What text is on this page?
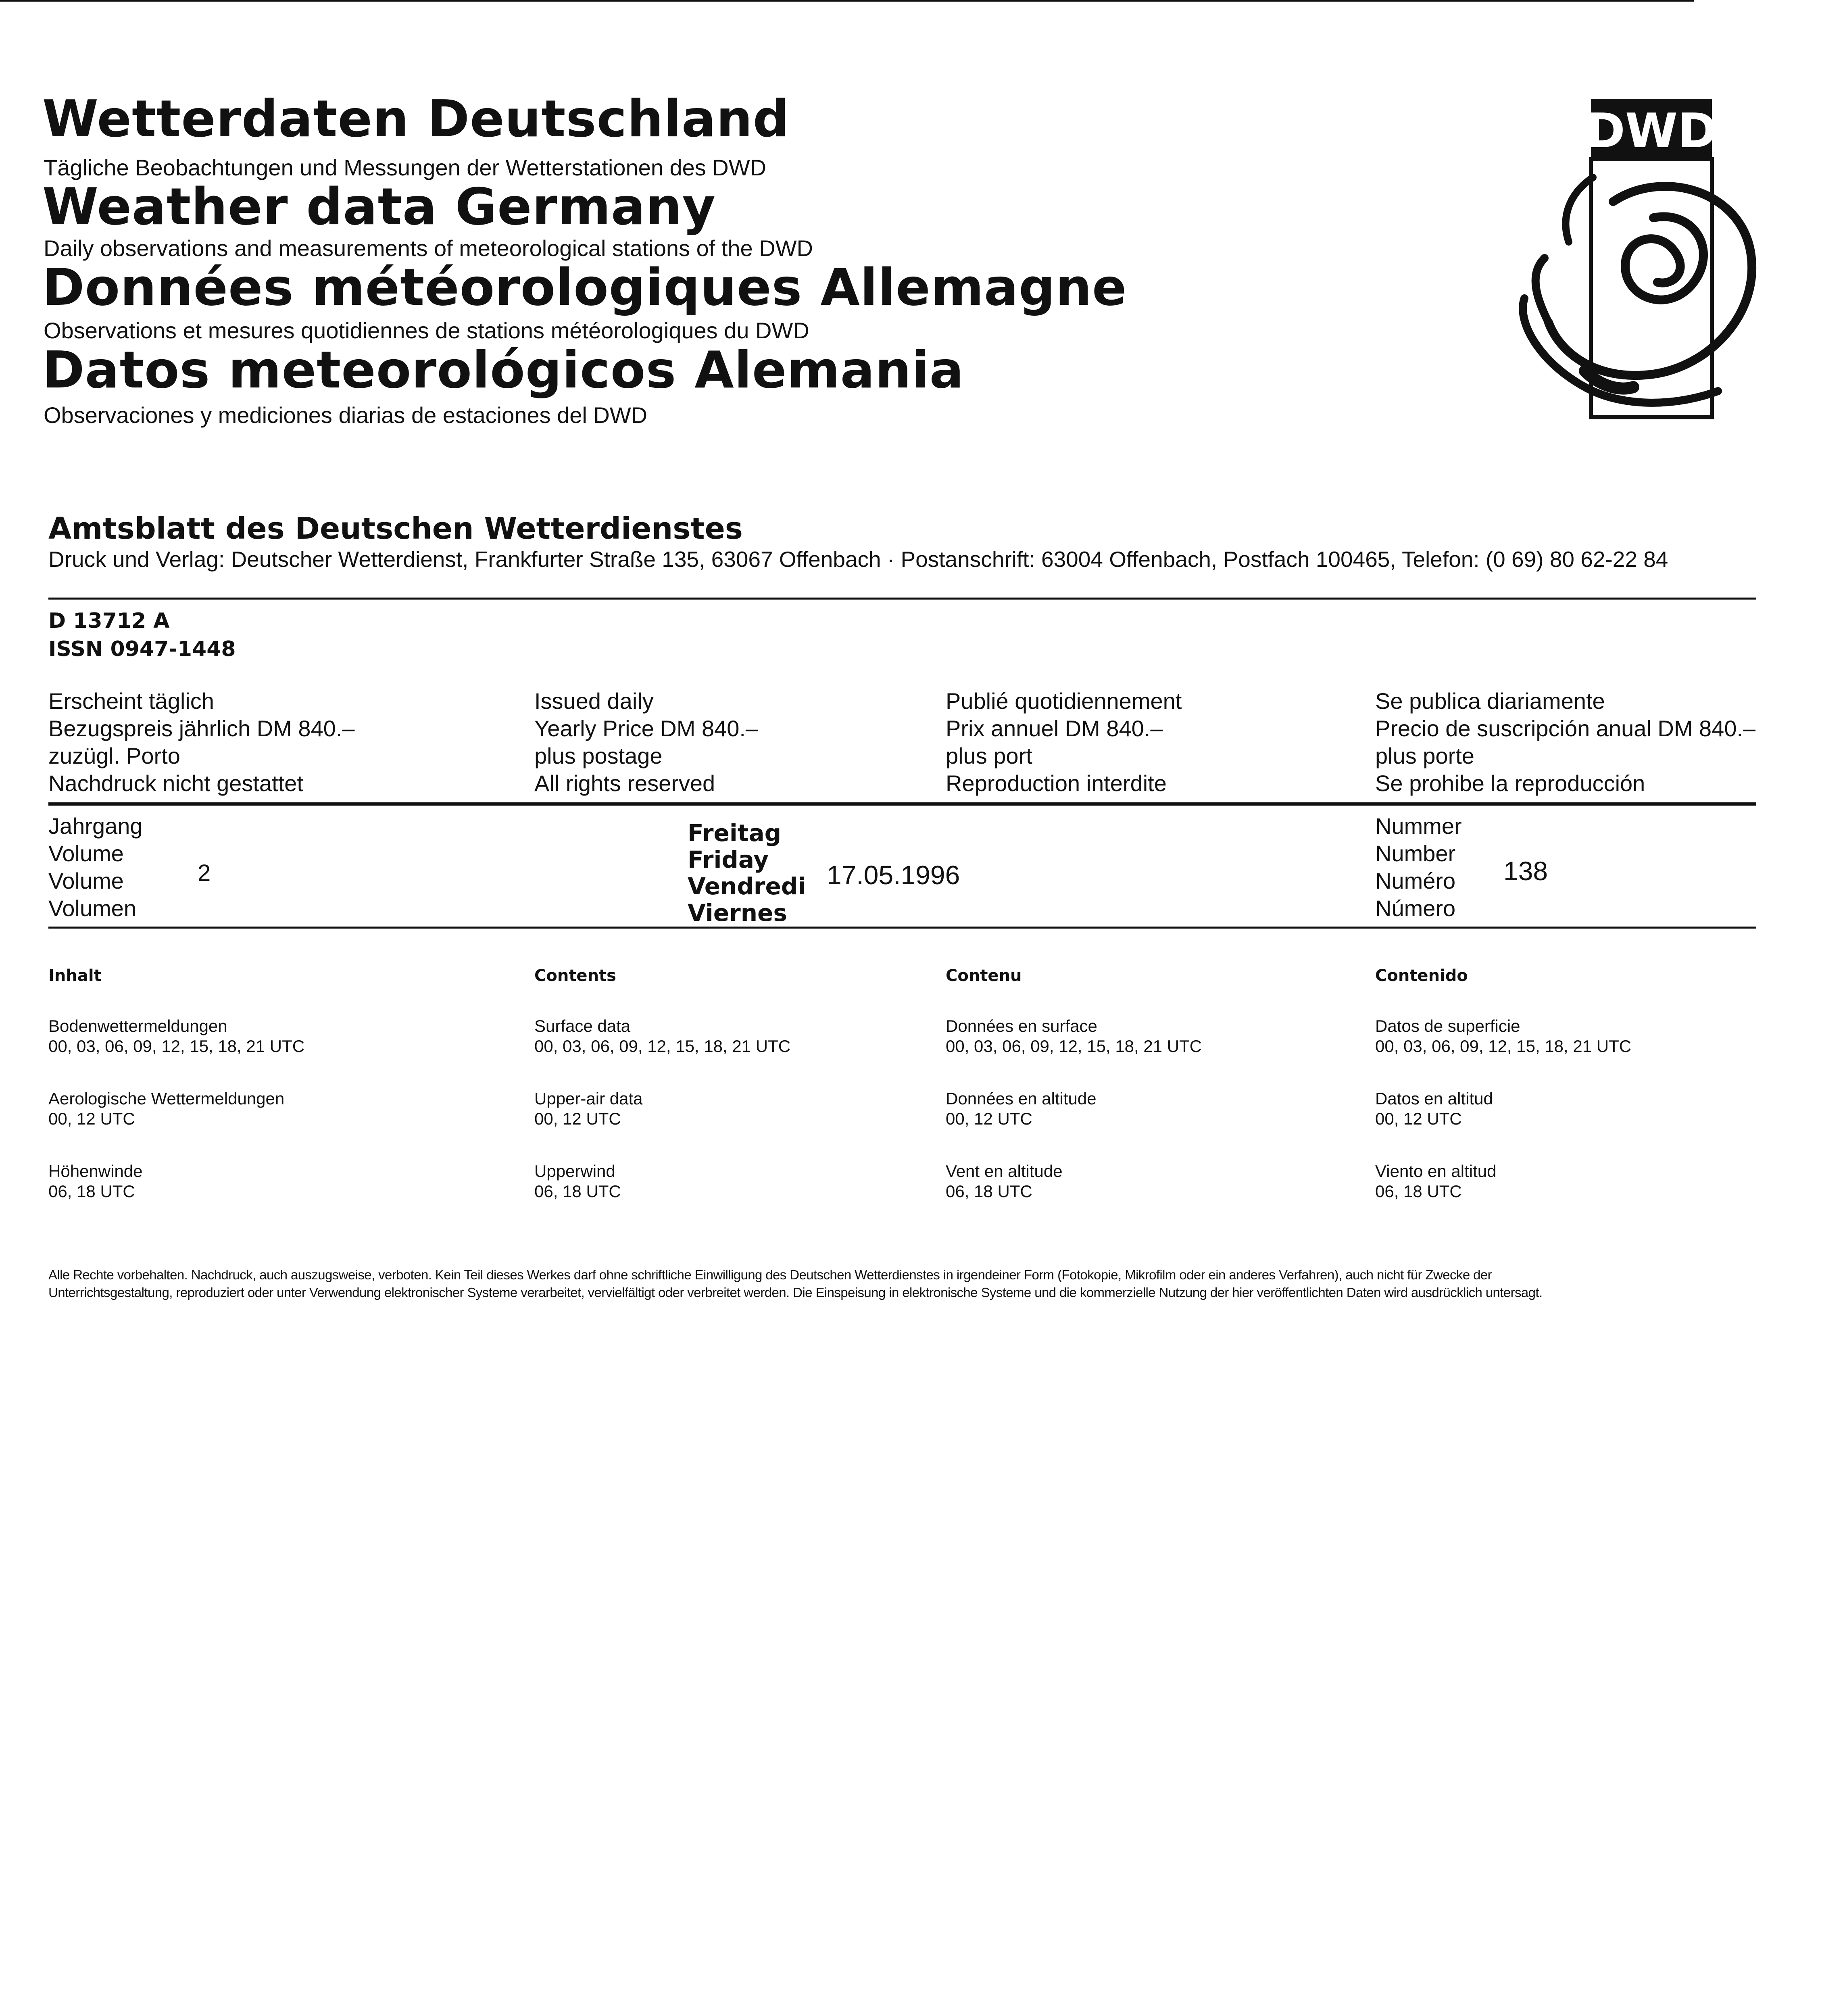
Wetterdaten Deutschland
Tägliche Beobachtungen und Messungen der Wetterstationen des DWD
Weather data Germany
Daily observations and measurements of meteorological stations of the DWD
Données météorologiques Allemagne
Observations et mesures quotidiennes de stations météorologiques du DWD
Datos meteorológicos Alemania
Observaciones y mediciones diarias de estaciones del DWD
DWD
Amtsblatt des Deutschen Wetterdienstes
Druck und Verlag: Deutscher Wetterdienst, Frankfurter Straße 135, 63067 Offenbach · Postanschrift: 63004 Offenbach, Postfach 100465, Telefon: (0 69) 80 62-22 84
D 13712 A
ISSN 0947-1448
Erscheint täglich
Bezugspreis jährlich DM 840.–
zuzügl. Porto
Nachdruck nicht gestattet
Issued daily
Yearly Price DM 840.–
plus postage
All rights reserved
Publié quotidiennement
Prix annuel DM 840.–
plus port
Reproduction interdite
Se publica diariamente
Precio de suscripción anual DM 840.–
plus porte
Se prohibe la reproducción
Jahrgang
Volume
Volume
Volumen
2
Freitag
Friday
Vendredi
Viernes
17.05.1996
Nummer
Number
Numéro
Número
138
Inhalt
Bodenwettermeldungen
00, 03, 06, 09, 12, 15, 18, 21 UTC
Aerologische Wettermeldungen
00, 12 UTC
Höhenwinde
06, 18 UTC
Contents
Surface data
00, 03, 06, 09, 12, 15, 18, 21 UTC
Upper-air data
00, 12 UTC
Upperwind
06, 18 UTC
Contenu
Données en surface
00, 03, 06, 09, 12, 15, 18, 21 UTC
Données en altitude
00, 12 UTC
Vent en altitude
06, 18 UTC
Contenido
Datos de superficie
00, 03, 06, 09, 12, 15, 18, 21 UTC
Datos en altitud
00, 12 UTC
Viento en altitud
06, 18 UTC

Alle Rechte vorbehalten. Nachdruck, auch auszugsweise, verboten. Kein Teil dieses Werkes darf ohne schriftliche Einwilligung des Deutschen Wetterdienstes in irgendeiner Form (Fotokopie, Mikrofilm oder ein anderes Verfahren), auch nicht für Zwecke der

Unterrichtsgestaltung, reproduziert oder unter Verwendung elektronischer Systeme verarbeitet, vervielfältigt oder verbreitet werden. Die Einspeisung in elektronische Systeme und die kommerzielle Nutzung der hier veröffentlichten Daten wird ausdrücklich untersagt.
